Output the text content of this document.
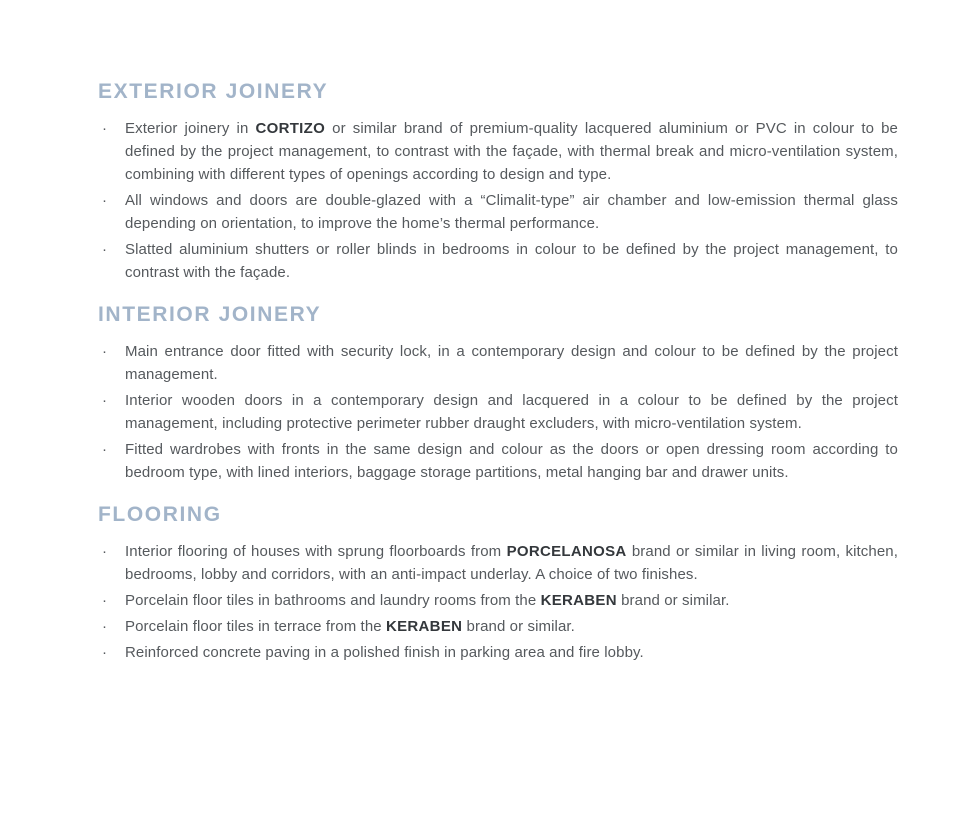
EXTERIOR JOINERY
·	Exterior joinery in CORTIZO or similar brand of premium-quality lacquered aluminium or PVC in colour to be defined by the project management, to contrast with the façade, with thermal break and micro-ventilation system, combining with different types of openings according to design and type.
·	All windows and doors are double-glazed with a “Climalit-type” air chamber and low-emission thermal glass depending on orientation, to improve the home’s thermal performance.
·	Slatted aluminium shutters or roller blinds in bedrooms in colour to be defined by the project management, to contrast with the façade.
INTERIOR JOINERY
·	Main entrance door fitted with security lock, in a contemporary design and colour to be defined by the project management.
·	Interior wooden doors in a contemporary design and lacquered in a colour to be defined by the project management, including protective perimeter rubber draught excluders, with micro-ventilation system.
·	Fitted wardrobes with fronts in the same design and colour as the doors or open dressing room according to bedroom type, with lined interiors, baggage storage partitions, metal hanging bar and drawer units.
FLOORING
·	Interior flooring of houses with sprung floorboards from PORCELANOSA brand or similar in living room, kitchen, bedrooms, lobby and corridors, with an anti-impact underlay. A choice of two finishes.
·	Porcelain floor tiles in bathrooms and laundry rooms from the KERABEN brand or similar.
·	Porcelain floor tiles in terrace from the KERABEN brand or similar.
·	Reinforced concrete paving in a polished finish in parking area and fire lobby.
